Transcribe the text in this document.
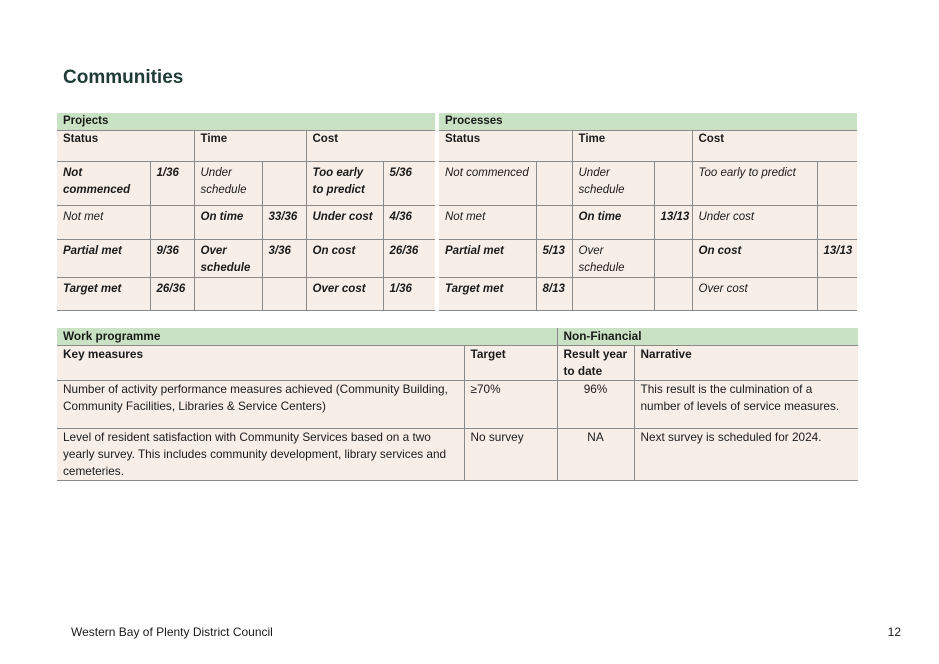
Communities
Projects					
Status		Time		Cost	
Not commenced	1/36	Under schedule		Too early to predict	5/36
Not met		On time	33/36	Under cost	4/36
Partial met	9/36	Over schedule	3/36	On cost	26/36
Target met	26/36			Over cost	1/36
Processes					
Status		Time		Cost	
Not commenced		Under schedule		Too early to predict	
Not met		On time	13/13	Under cost	
Partial met	5/13	Over schedule		On cost	13/13
Target met	8/13			Over cost	
Work programme		Non-Financial	
Key measures	Target	Result year to date	Narrative
Number of activity performance measures achieved (Community Building, Community Facilities, Libraries & Service Centers)	≥70%	96%	This result is the culmination of a number of levels of service measures.
Level of resident satisfaction with Community Services based on a two yearly survey. This includes community development, library services and cemeteries.	No survey	NA	Next survey is scheduled for 2024.
Western Bay of Plenty District Council	12
